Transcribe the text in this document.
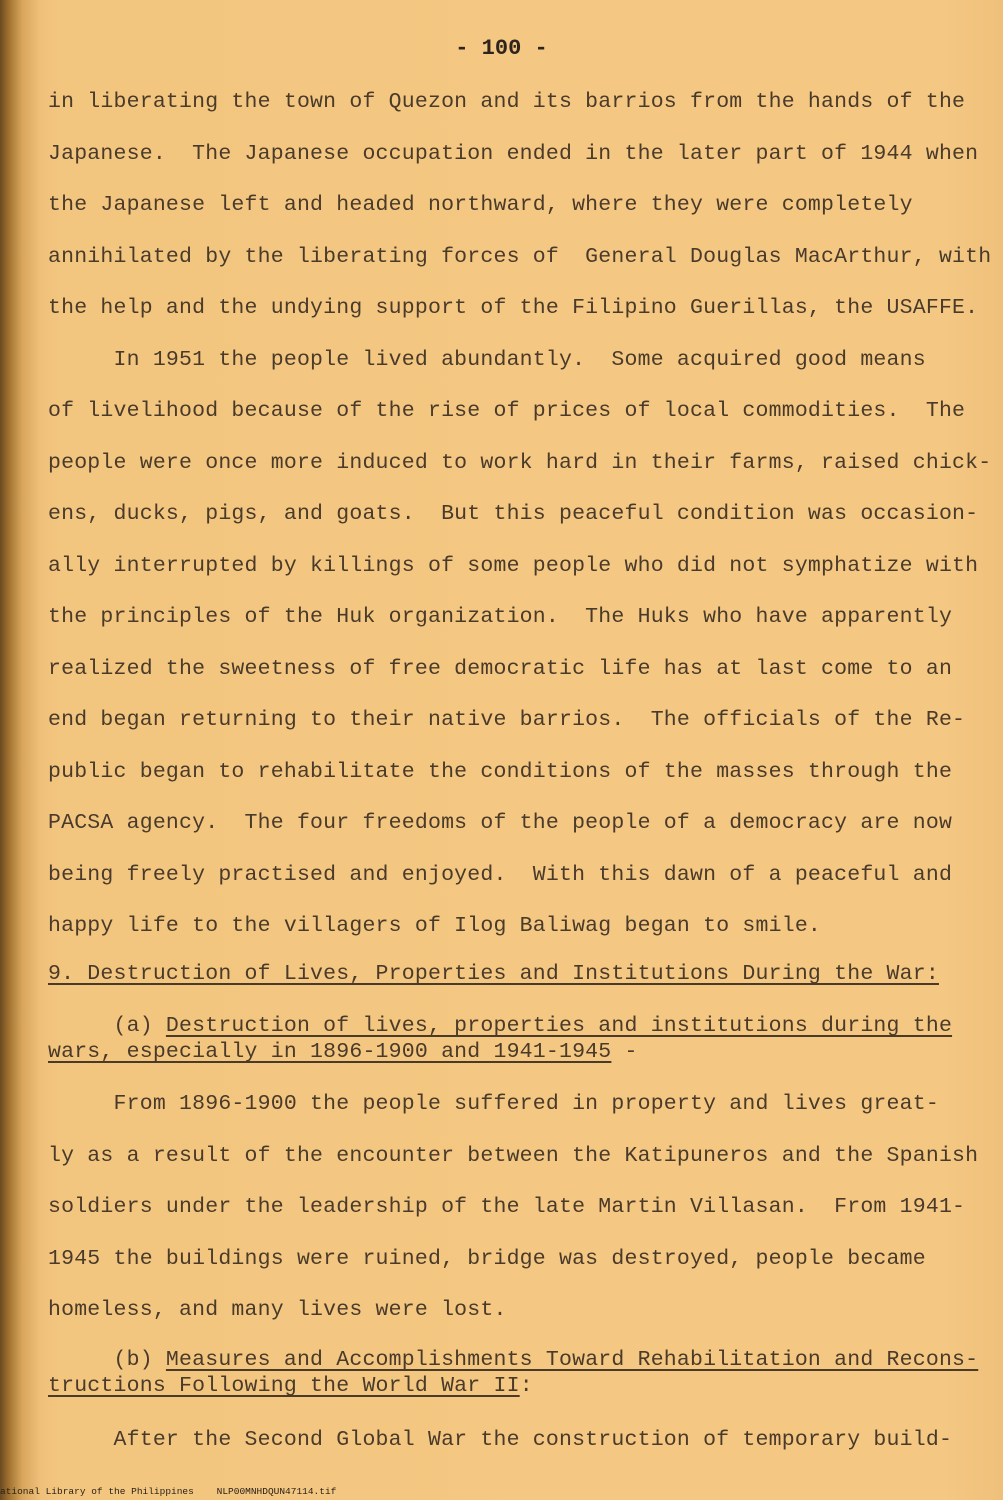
- 100 -
in liberating the town of Quezon and its barrios from the hands of the
Japanese.  The Japanese occupation ended in the later part of 1944 when
the Japanese left and headed northward, where they were completely
annihilated by the liberating forces of  General Douglas MacArthur, with
the help and the undying support of the Filipino Guerillas, the USAFFE.
In 1951 the people lived abundantly.  Some acquired good means
of livelihood because of the rise of prices of local commodities.  The
people were once more induced to work hard in their farms, raised chick-
ens, ducks, pigs, and goats.  But this peaceful condition was occasion-
ally interrupted by killings of some people who did not symphatize with
the principles of the Huk organization.  The Huks who have apparently
realized the sweetness of free democratic life has at last come to an
end began returning to their native barrios.  The officials of the Re-
public began to rehabilitate the conditions of the masses through the
PACSA agency.  The four freedoms of the people of a democracy are now
being freely practised and enjoyed.  With this dawn of a peaceful and
happy life to the villagers of Ilog Baliwag began to smile.
9. Destruction of Lives, Properties and Institutions During the War:
(a) Destruction of lives, properties and institutions during the
wars, especially in 1896-1900 and 1941-1945 -
From 1896-1900 the people suffered in property and lives great-
ly as a result of the encounter between the Katipuneros and the Spanish
soldiers under the leadership of the late Martin Villasan.  From 1941-
1945 the buildings were ruined, bridge was destroyed, people became
homeless, and many lives were lost.
(b) Measures and Accomplishments Toward Rehabilitation and Recons-
tructions Following the World War II:
After the Second Global War the construction of temporary build-
ational Library of the Philippines    NLP00MNHDQUN47114.tif
